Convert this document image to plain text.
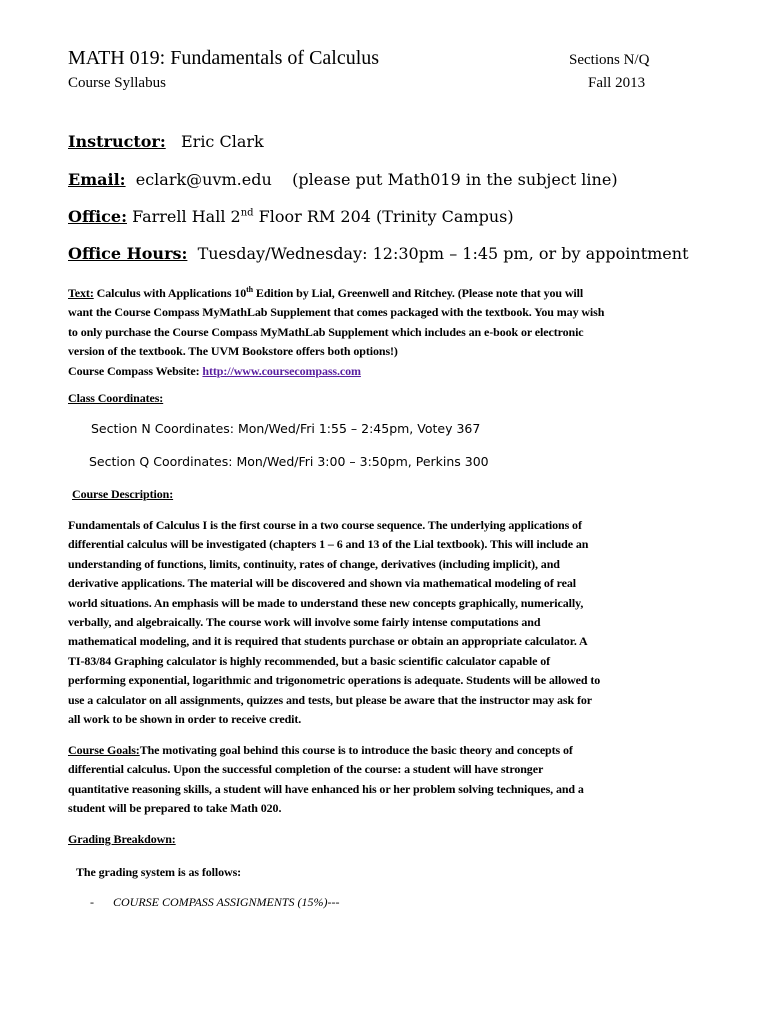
MATH 019: Fundamentals of Calculus	Sections N/Q
Course Syllabus	Fall 2013
Instructor: Eric Clark
Email: eclark@uvm.edu (please put Math019 in the subject line)
Office: Farrell Hall 2nd Floor RM 204 (Trinity Campus)
Office Hours: Tuesday/Wednesday: 12:30pm – 1:45 pm, or by appointment
Text: Calculus with Applications 10th Edition by Lial, Greenwell and Ritchey. (Please note that you will
want the Course Compass MyMathLab Supplement that comes packaged with the textbook. You may wish
to only purchase the Course Compass MyMathLab Supplement which includes an e-book or electronic
version of the textbook. The UVM Bookstore offers both options!)
Course Compass Website: http://www.coursecompass.com
Class Coordinates:
Section N Coordinates: Mon/Wed/Fri 1:55 – 2:45pm, Votey 367
Section Q Coordinates: Mon/Wed/Fri 3:00 – 3:50pm, Perkins 300
Course Description:
Fundamentals of Calculus I is the first course in a two course sequence. The underlying applications of
differential calculus will be investigated (chapters 1 – 6 and 13 of the Lial textbook). This will include an
understanding of functions, limits, continuity, rates of change, derivatives (including implicit), and
derivative applications. The material will be discovered and shown via mathematical modeling of real
world situations. An emphasis will be made to understand these new concepts graphically, numerically,
verbally, and algebraically. The course work will involve some fairly intense computations and
mathematical modeling, and it is required that students purchase or obtain an appropriate calculator. A
TI-83/84 Graphing calculator is highly recommended, but a basic scientific calculator capable of
performing exponential, logarithmic and trigonometric operations is adequate. Students will be allowed to
use a calculator on all assignments, quizzes and tests, but please be aware that the instructor may ask for
all work to be shown in order to receive credit.
Course Goals:The motivating goal behind this course is to introduce the basic theory and concepts of
differential calculus. Upon the successful completion of the course: a student will have stronger
quantitative reasoning skills, a student will have enhanced his or her problem solving techniques, and a
student will be prepared to take Math 020.
Grading Breakdown:
The grading system is as follows:
- COURSE COMPASS ASSIGNMENTS (15%)---
